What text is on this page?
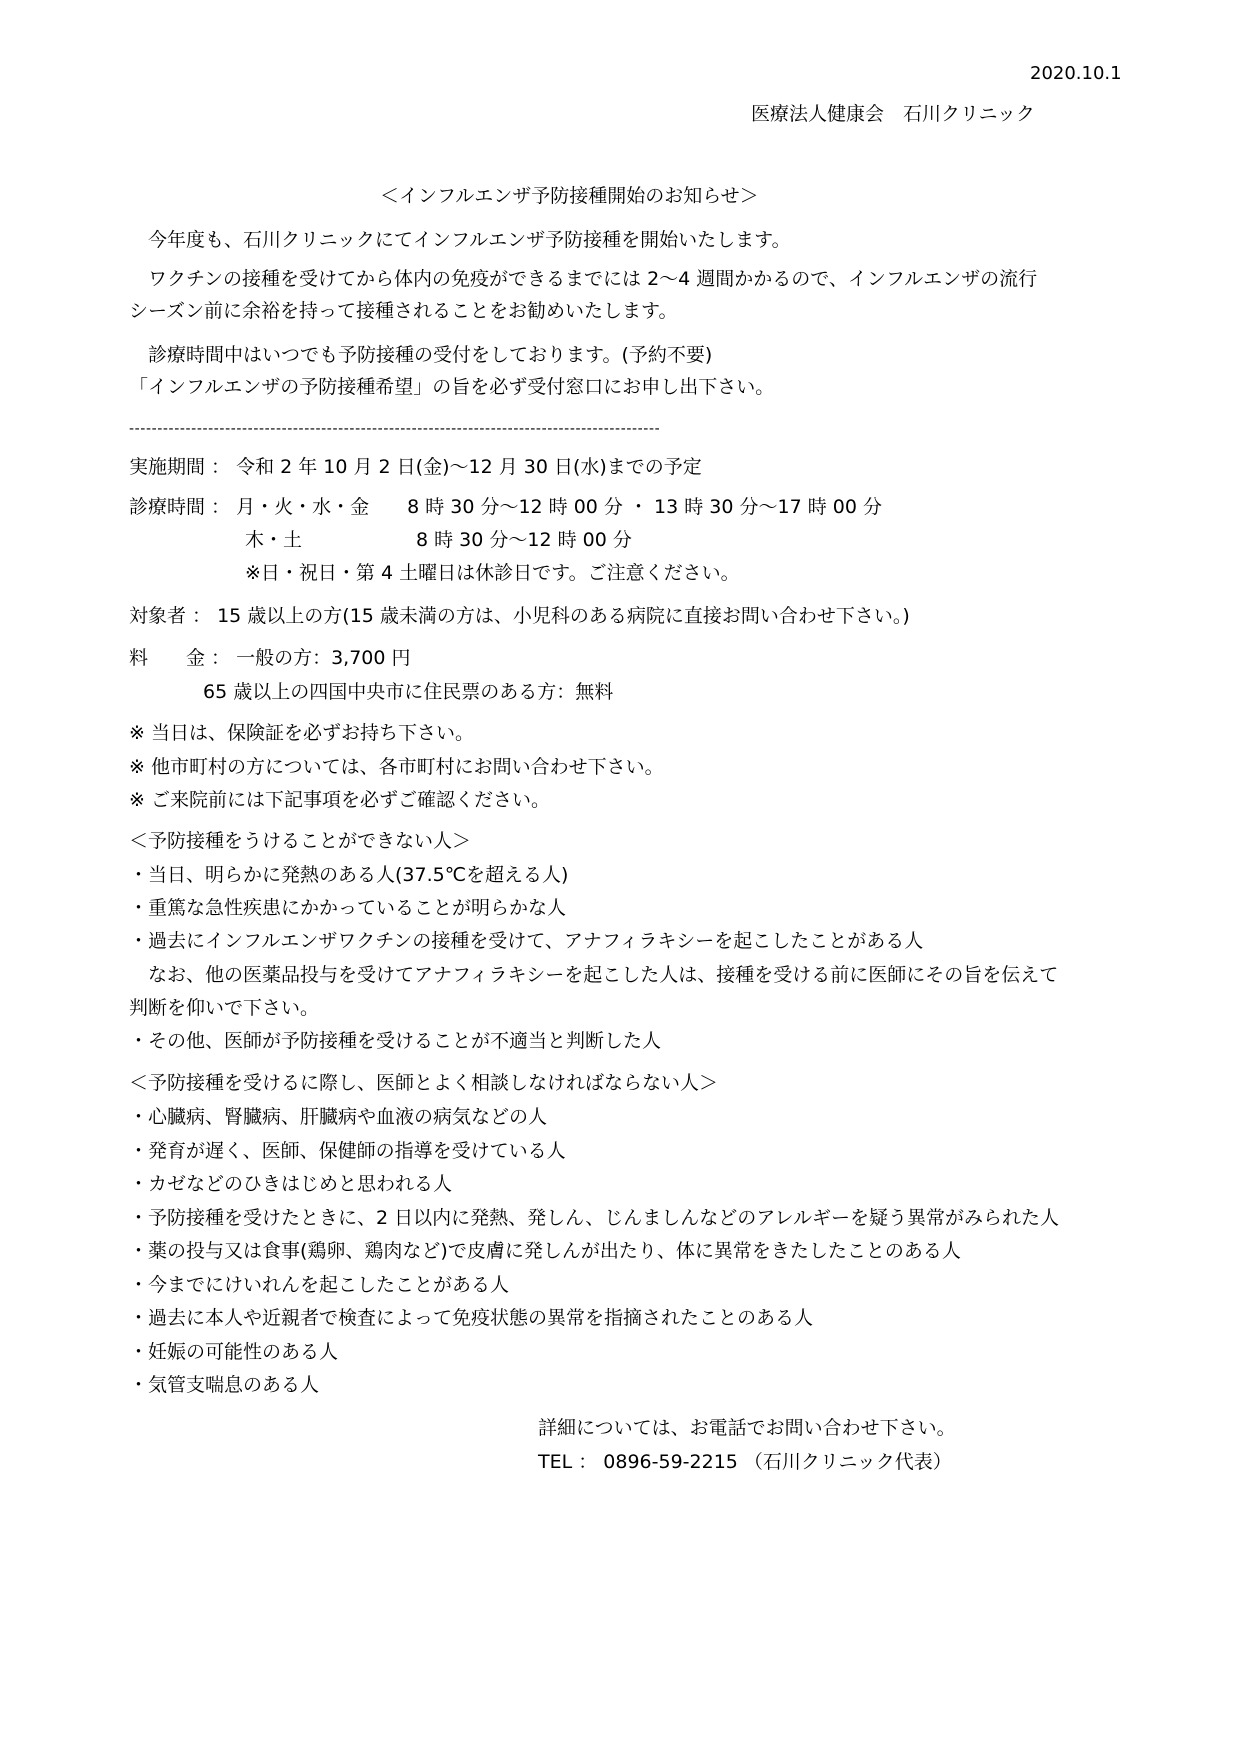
2020.10.1
医療法人健康会　石川クリニック
＜インフルエンザ予防接種開始のお知らせ＞
　今年度も、石川クリニックにてインフルエンザ予防接種を開始いたします。
　ワクチンの接種を受けてから体内の免疫ができるまでには 2～4 週間かかるので、インフルエンザの流行
シーズン前に余裕を持って接種されることをお勧めいたします。
　診療時間中はいつでも予防接種の受付をしております。(予約不要)
「インフルエンザの予防接種希望」の旨を必ず受付窓口にお申し出下さい。
----------------------------------------------------------------------------------------------
実施期間 ： 令和 2 年 10 月 2 日(金)～12 月 30 日(水)までの予定
診療時間 ： 月・火・水・金　　8 時 30 分～12 時 00 分 ・ 13 時 30 分～17 時 00 分
木・土　　　　　　8 時 30 分～12 時 00 分
※日・祝日・第 4 土曜日は休診日です。ご注意ください。
対象者 ： 15 歳以上の方(15 歳未満の方は、小児科のある病院に直接お問い合わせ下さい。)
料　　金 ： 一般の方：3,700 円
65 歳以上の四国中央市に住民票のある方：無料
※ 当日は、保険証を必ずお持ち下さい。
※ 他市町村の方については、各市町村にお問い合わせ下さい。
※ ご来院前には下記事項を必ずご確認ください。
＜予防接種をうけることができない人＞
・当日、明らかに発熱のある人(37.5℃を超える人)
・重篤な急性疾患にかかっていることが明らかな人
・過去にインフルエンザワクチンの接種を受けて、アナフィラキシーを起こしたことがある人
　なお、他の医薬品投与を受けてアナフィラキシーを起こした人は、接種を受ける前に医師にその旨を伝えて
判断を仰いで下さい。
・その他、医師が予防接種を受けることが不適当と判断した人
＜予防接種を受けるに際し、医師とよく相談しなければならない人＞
・心臓病、腎臓病、肝臓病や血液の病気などの人
・発育が遅く、医師、保健師の指導を受けている人
・カゼなどのひきはじめと思われる人
・予防接種を受けたときに、2 日以内に発熱、発しん、じんましんなどのアレルギーを疑う異常がみられた人
・薬の投与又は食事(鶏卵、鶏肉など)で皮膚に発しんが出たり、体に異常をきたしたことのある人
・今までにけいれんを起こしたことがある人
・過去に本人や近親者で検査によって免疫状態の異常を指摘されたことのある人
・妊娠の可能性のある人
・気管支喘息のある人
詳細については、お電話でお問い合わせ下さい。
TEL ： 0896-59-2215 （石川クリニック代表）
